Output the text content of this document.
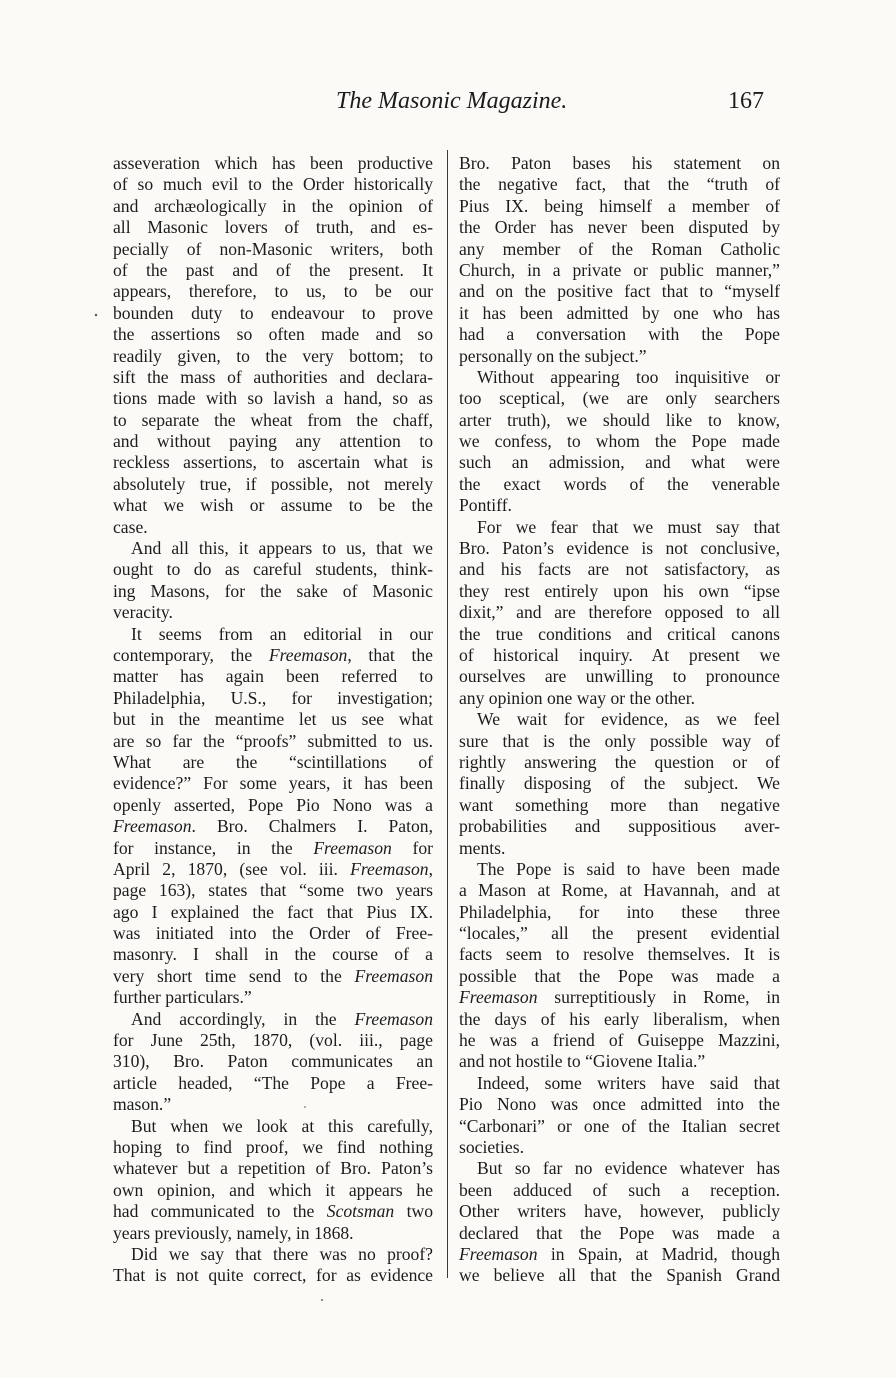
The Masonic Magazine.	167
asseveration which has been productive
of so much evil to the Order historically
and archæologically in the opinion of
all Masonic lovers of truth, and es-
pecially of non-Masonic writers, both
of the past and of the present. It
appears, therefore, to us, to be our
bounden duty to endeavour to prove
the assertions so often made and so
readily given, to the very bottom; to
sift the mass of authorities and declara-
tions made with so lavish a hand, so as
to separate the wheat from the chaff,
and without paying any attention to
reckless assertions, to ascertain what is
absolutely true, if possible, not merely
what we wish or assume to be the
case.
And all this, it appears to us, that we
ought to do as careful students, think-
ing Masons, for the sake of Masonic
veracity.
It seems from an editorial in our
contemporary, the Freemason, that the
matter has again been referred to
Philadelphia, U.S., for investigation;
but in the meantime let us see what
are so far the “proofs” submitted to us.
What are the “scintillations of
evidence?” For some years, it has been
openly asserted, Pope Pio Nono was a
Freemason. Bro. Chalmers I. Paton,
for instance, in the Freemason for
April 2, 1870, (see vol. iii. Freemason,
page 163), states that “some two years
ago I explained the fact that Pius IX.
was initiated into the Order of Free-
masonry. I shall in the course of a
very short time send to the Freemason
further particulars.”
And accordingly, in the Freemason
for June 25th, 1870, (vol. iii., page
310), Bro. Paton communicates an
article headed, “The Pope a Free-
mason.”
But when we look at this carefully,
hoping to find proof, we find nothing
whatever but a repetition of Bro. Paton’s
own opinion, and which it appears he
had communicated to the Scotsman two
years previously, namely, in 1868.
Did we say that there was no proof?
That is not quite correct, for as evidence
Bro. Paton bases his statement on
the negative fact, that the “truth of
Pius IX. being himself a member of
the Order has never been disputed by
any member of the Roman Catholic
Church, in a private or public manner,”
and on the positive fact that to “myself
it has been admitted by one who has
had a conversation with the Pope
personally on the subject.”
Without appearing too inquisitive or
too sceptical, (we are only searchers
arter truth), we should like to know,
we confess, to whom the Pope made
such an admission, and what were
the exact words of the venerable
Pontiff.
For we fear that we must say that
Bro. Paton’s evidence is not conclusive,
and his facts are not satisfactory, as
they rest entirely upon his own “ipse
dixit,” and are therefore opposed to all
the true conditions and critical canons
of historical inquiry. At present we
ourselves are unwilling to pronounce
any opinion one way or the other.
We wait for evidence, as we feel
sure that is the only possible way of
rightly answering the question or of
finally disposing of the subject. We
want something more than negative
probabilities and suppositious aver-
ments.
The Pope is said to have been made
a Mason at Rome, at Havannah, and at
Philadelphia, for into these three
“locales,” all the present evidential
facts seem to resolve themselves. It is
possible that the Pope was made a
Freemason surreptitiously in Rome, in
the days of his early liberalism, when
he was a friend of Guiseppe Mazzini,
and not hostile to “Giovene Italia.”
Indeed, some writers have said that
Pio Nono was once admitted into the
“Carbonari” or one of the Italian secret
societies.
But so far no evidence whatever has
been adduced of such a reception.
Other writers have, however, publicly
declared that the Pope was made a
Freemason in Spain, at Madrid, though
we believe all that the Spanish Grand
